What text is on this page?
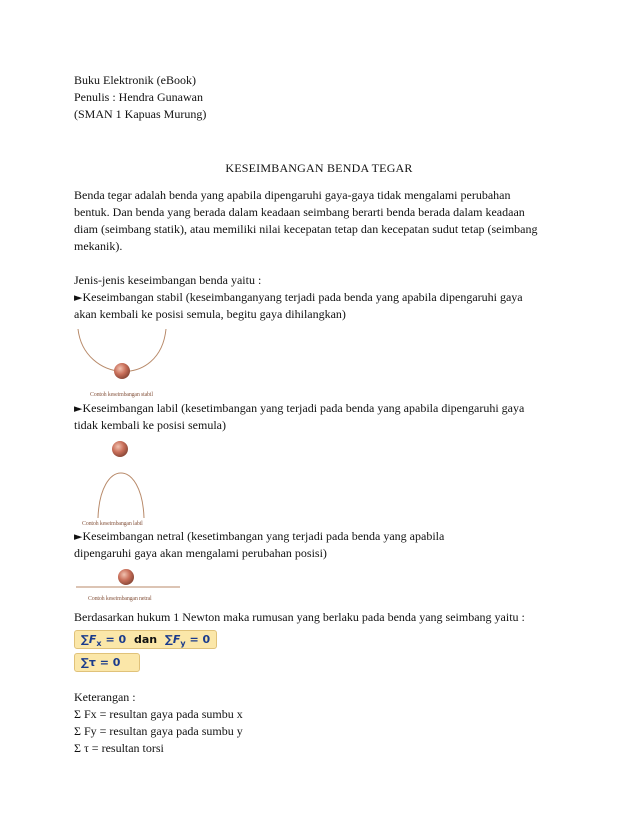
Buku Elektronik (eBook)
Penulis : Hendra Gunawan
(SMAN 1 Kapuas Murung)
KESEIMBANGAN BENDA TEGAR
Benda tegar adalah benda yang apabila dipengaruhi gaya-gaya tidak mengalami perubahan
bentuk. Dan benda yang berada dalam keadaan seimbang berarti benda berada dalam keadaan
diam (seimbang statik), atau memiliki nilai kecepatan tetap dan kecepatan sudut tetap (seimbang
mekanik).
Jenis-jenis keseimbangan benda yaitu :
►Keseimbangan stabil (keseimbanganyang terjadi pada benda yang apabila dipengaruhi gaya
akan kembali ke posisi semula, begitu gaya dihilangkan)
Contoh keseimbangan stabil
►Keseimbangan labil (kesetimbangan yang terjadi pada benda yang apabila dipengaruhi gaya
tidak kembali ke posisi semula)
Contoh keseimbangan labil
►Keseimbangan netral (kesetimbangan yang terjadi pada benda yang apabila
dipengaruhi gaya akan mengalami perubahan posisi)
Contoh keseimbangan netral
Berdasarkan hukum 1 Newton maka rumusan yang berlaku pada benda yang seimbang yaitu :
$\sum F_x = 0$ dan $\sum F_y = 0$
∑τ = 0
Keterangan :
Σ Fx = resultan gaya pada sumbu x
Σ Fy = resultan gaya pada sumbu y
Σ τ = resultan torsi
